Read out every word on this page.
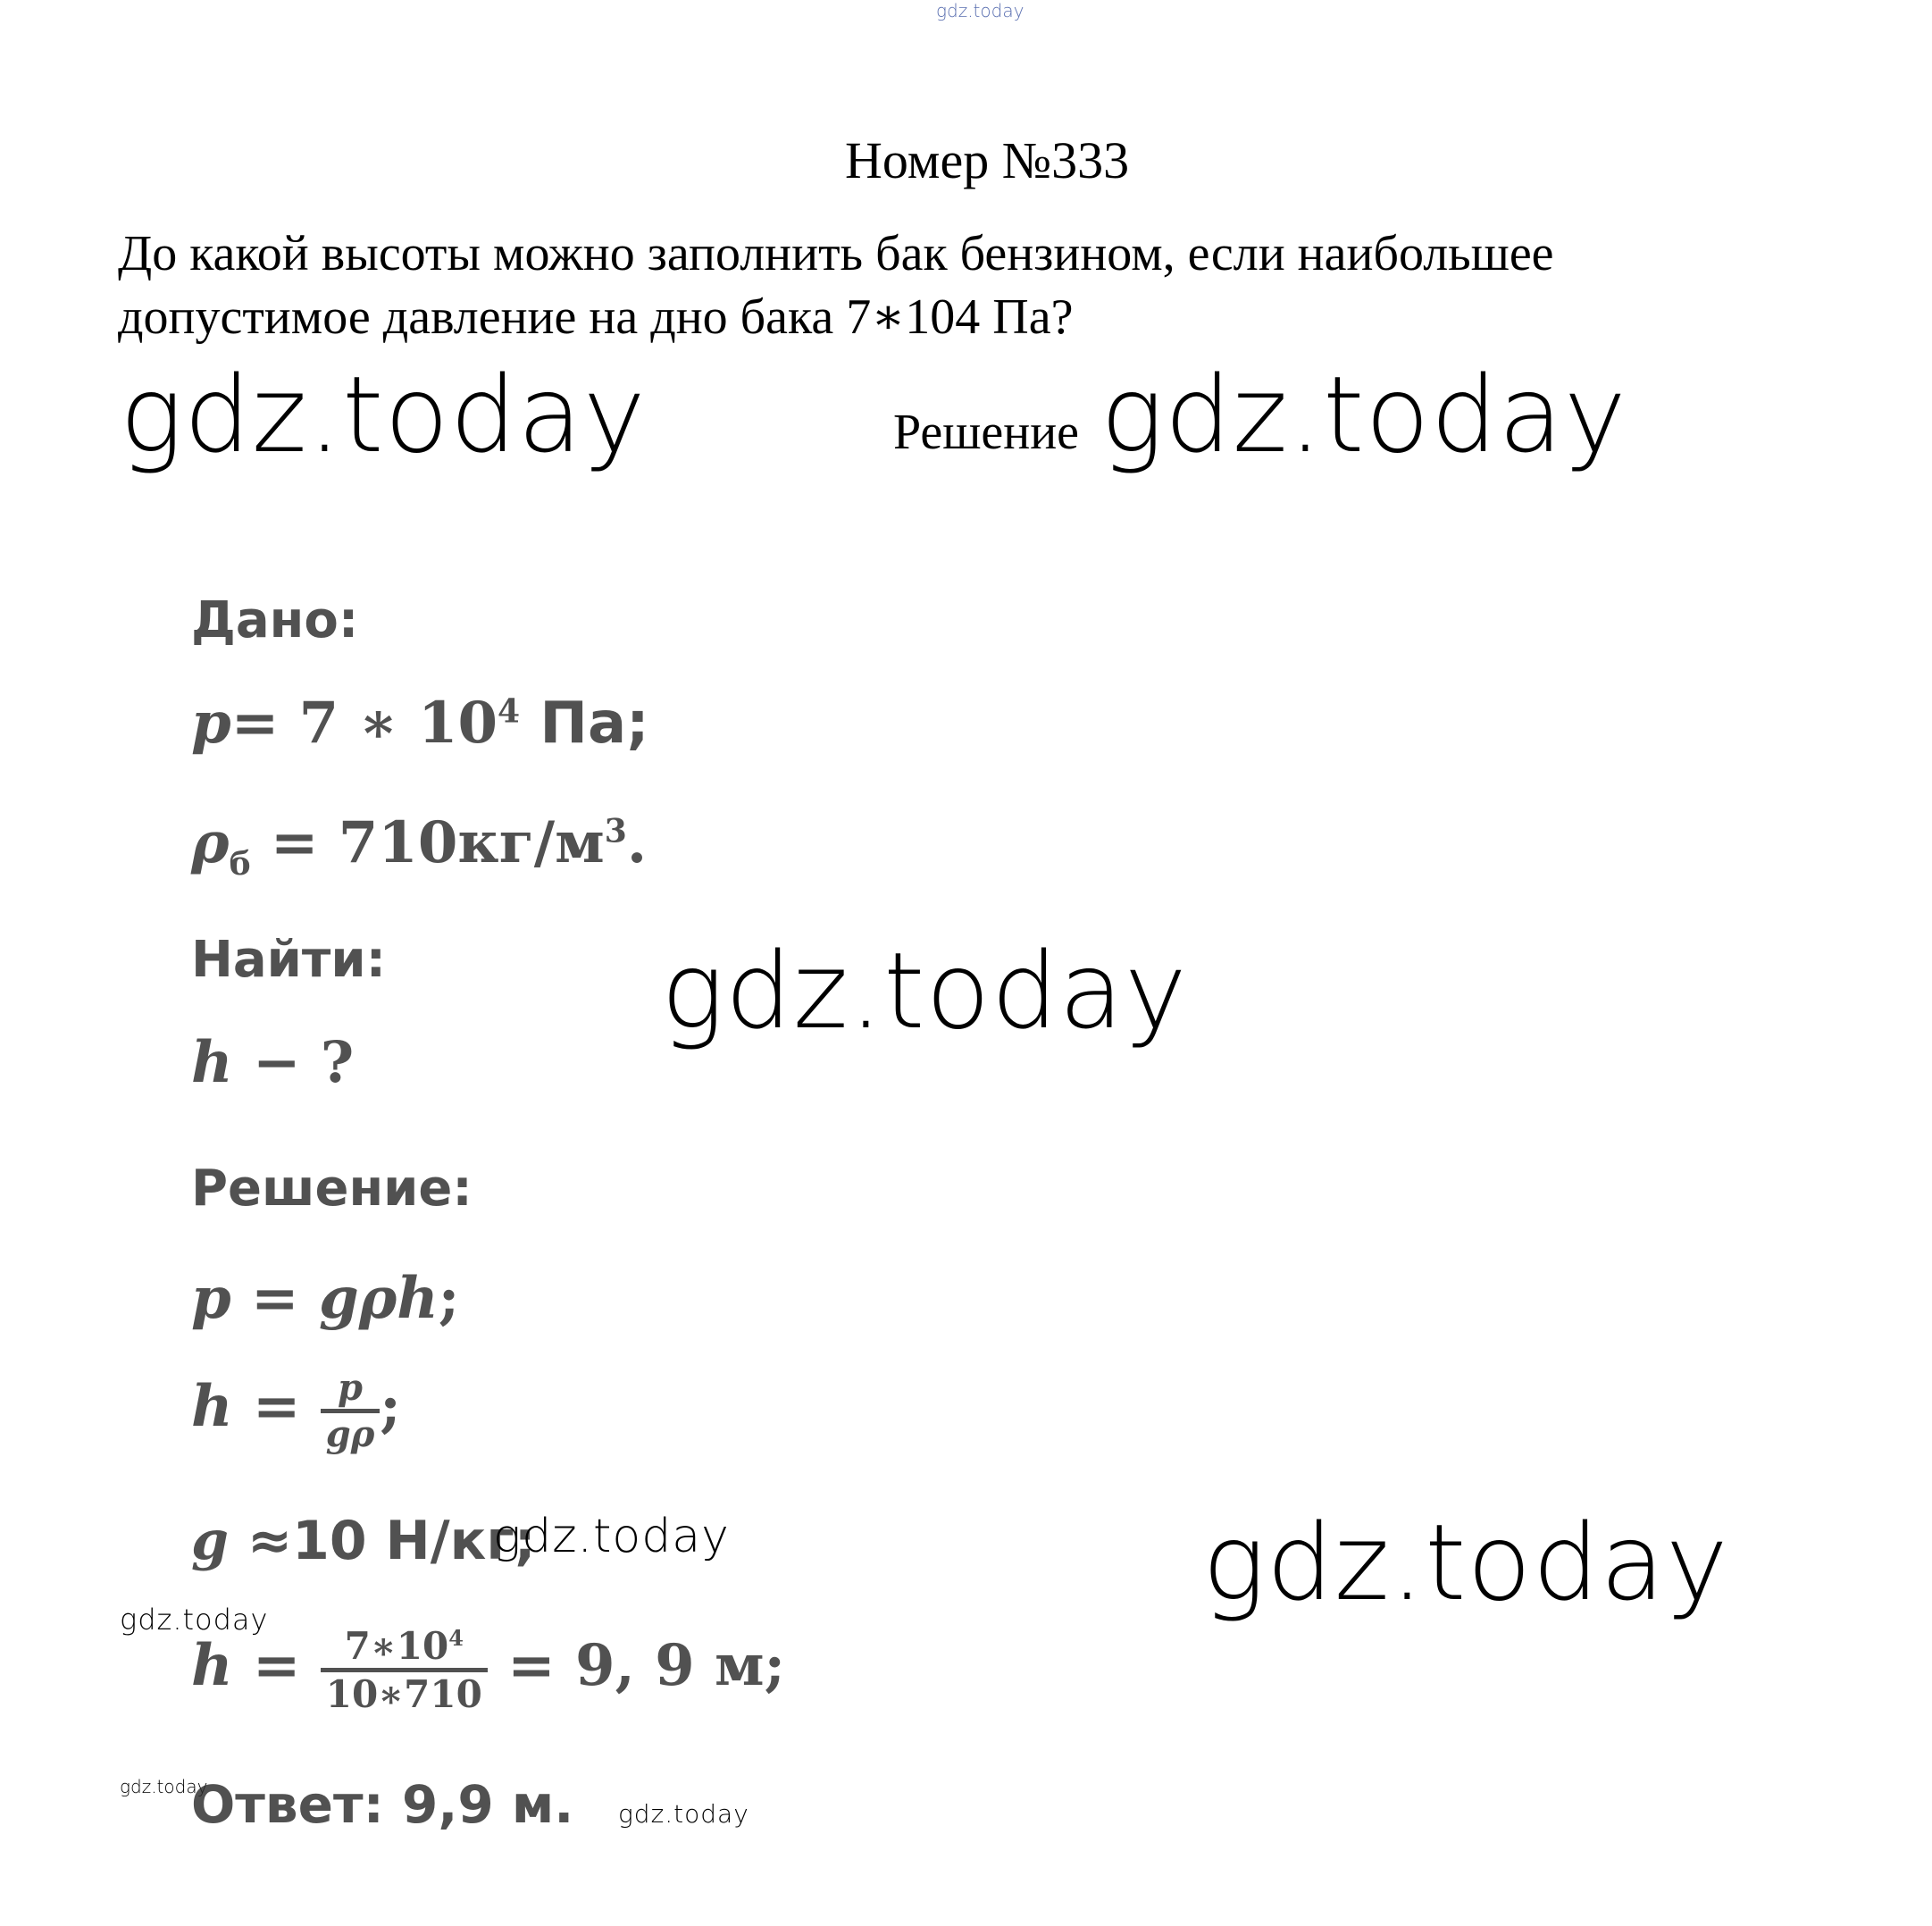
gdz.today
Номер №333
До какой высоты можно заполнить бак бензином, если наибольшее
допустимое давление на дно бака 7∗104 Па?
gdz.today	Решение gdz.today
Дано:
p= 7 ∗ $10^4$ Па;
$\rho_б = 710кг/м^3$.
Найти:
h − ?
gdz.today
Решение:
p = gρh;
$h = \frac{p}{g\rho}$ ;
g ≈10 Н/кг;
gdz.today	gdz.today
gdz.today
$h = \frac{7∗10^4}{10∗710} = 9$, 9 м;
gdz.today
Ответ: 9,9 м. gdz.today
